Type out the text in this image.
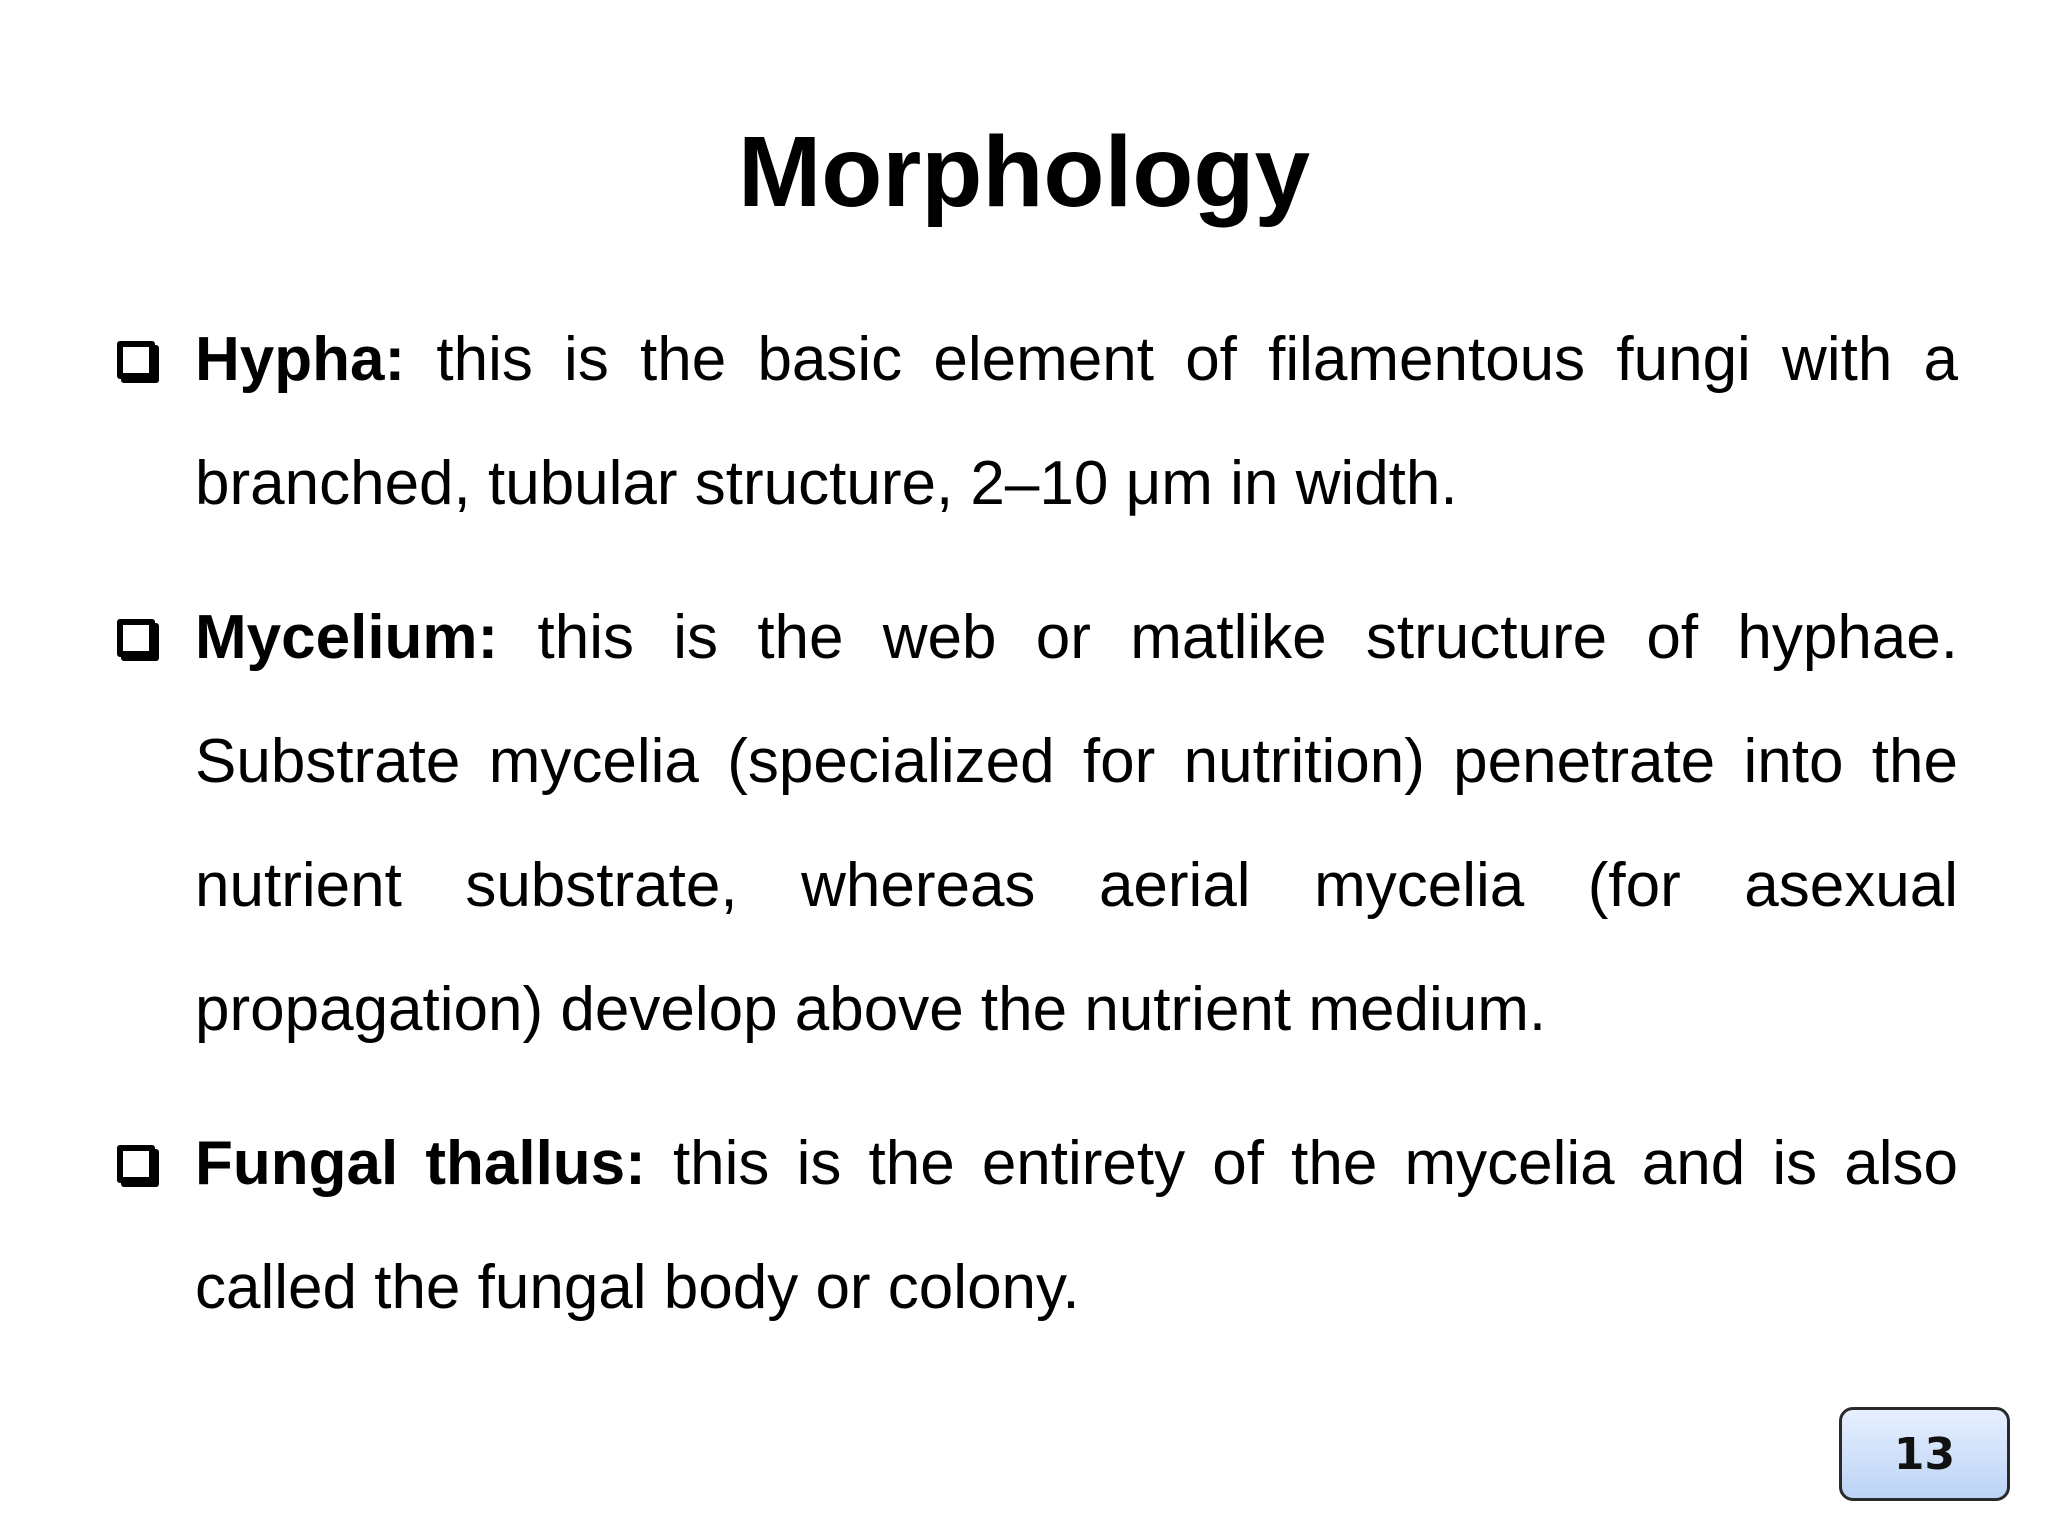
Morphology
Hypha: this is the basic element of filamentous fungi with a branched, tubular structure, 2–10 μm in width.
Mycelium: this is the web or matlike structure of hyphae. Substrate mycelia (specialized for nutrition) penetrate into the nutrient substrate, whereas aerial mycelia (for asexual propagation) develop above the nutrient medium.
Fungal thallus: this is the entirety of the mycelia and is also called the fungal body or colony.
13
